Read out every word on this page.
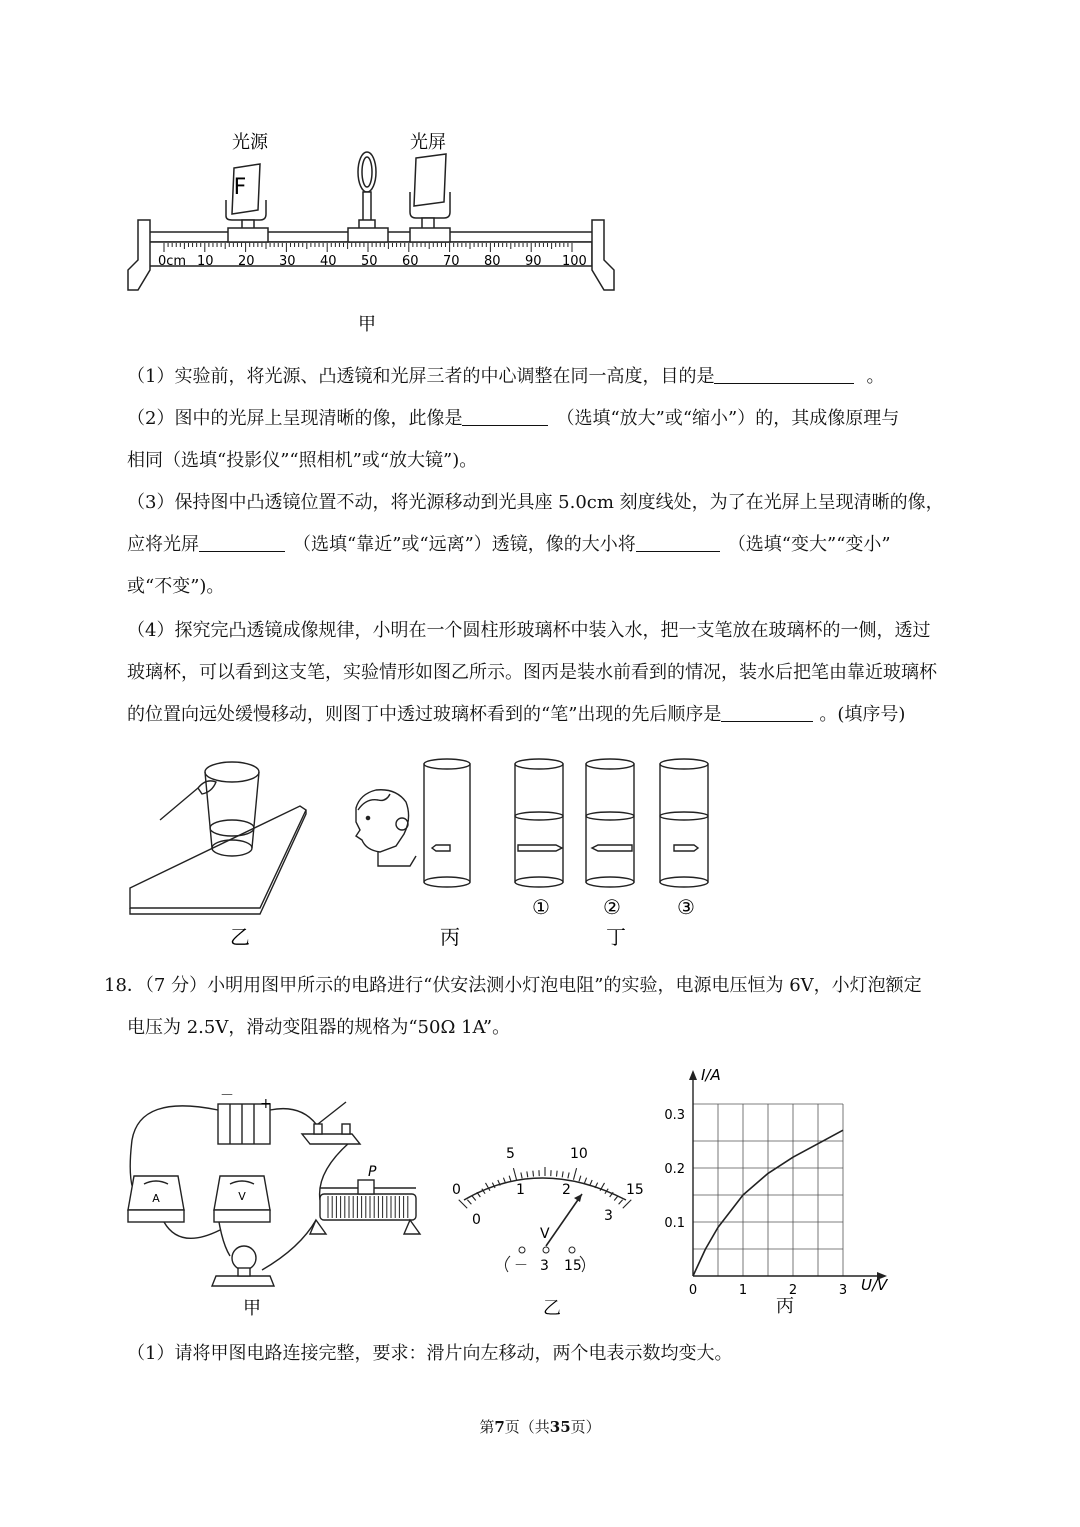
F
光源	光屏
0cm 10 20 30 40 50 60 70 80 90 100
甲
（1）实验前，将光源、凸透镜和光屏三者的中心调整在同一高度，目的是	。
（2）图中的光屏上呈现清晰的像，此像是	（选填“放大”或“缩小”）的，其成像原理与
相同（选填“投影仪”“照相机”或“放大镜”)。
（3）保持图中凸透镜位置不动，将光源移动到光具座 5.0cm 刻度线处，为了在光屏上呈现清晰的像，
应将光屏	（选填“靠近”或“远离”）透镜，像的大小将	（选填“变大”“变小”
或“不变”)。
（4）探究完凸透镜成像规律，小明在一个圆柱形玻璃杯中装入水，把一支笔放在玻璃杯的一侧，透过
玻璃杯，可以看到这支笔，实验情形如图乙所示。图丙是装水前看到的情况，装水后把笔由靠近玻璃杯
的位置向远处缓慢移动，则图丁中透过玻璃杯看到的“笔”出现的先后顺序是	。(填序号)
乙	丙
①	②	③
丁
18．（7 分）小明用图甲所示的电路进行“伏安法测小灯泡电阻”的实验，电源电压恒为 6V，小灯泡额定
电压为 2.5V，滑动变阻器的规格为“50Ω 1A”。
－ +
A	V
P
甲
0
5	10
15
0
1	2
3
V
－ 3 15
乙
0	1	2	3
0.1
0.2
0.3
I/A
U/V
丙
（1）请将甲图电路连接完整，要求：滑片向左移动，两个电表示数均变大。
第7页（共35页）
